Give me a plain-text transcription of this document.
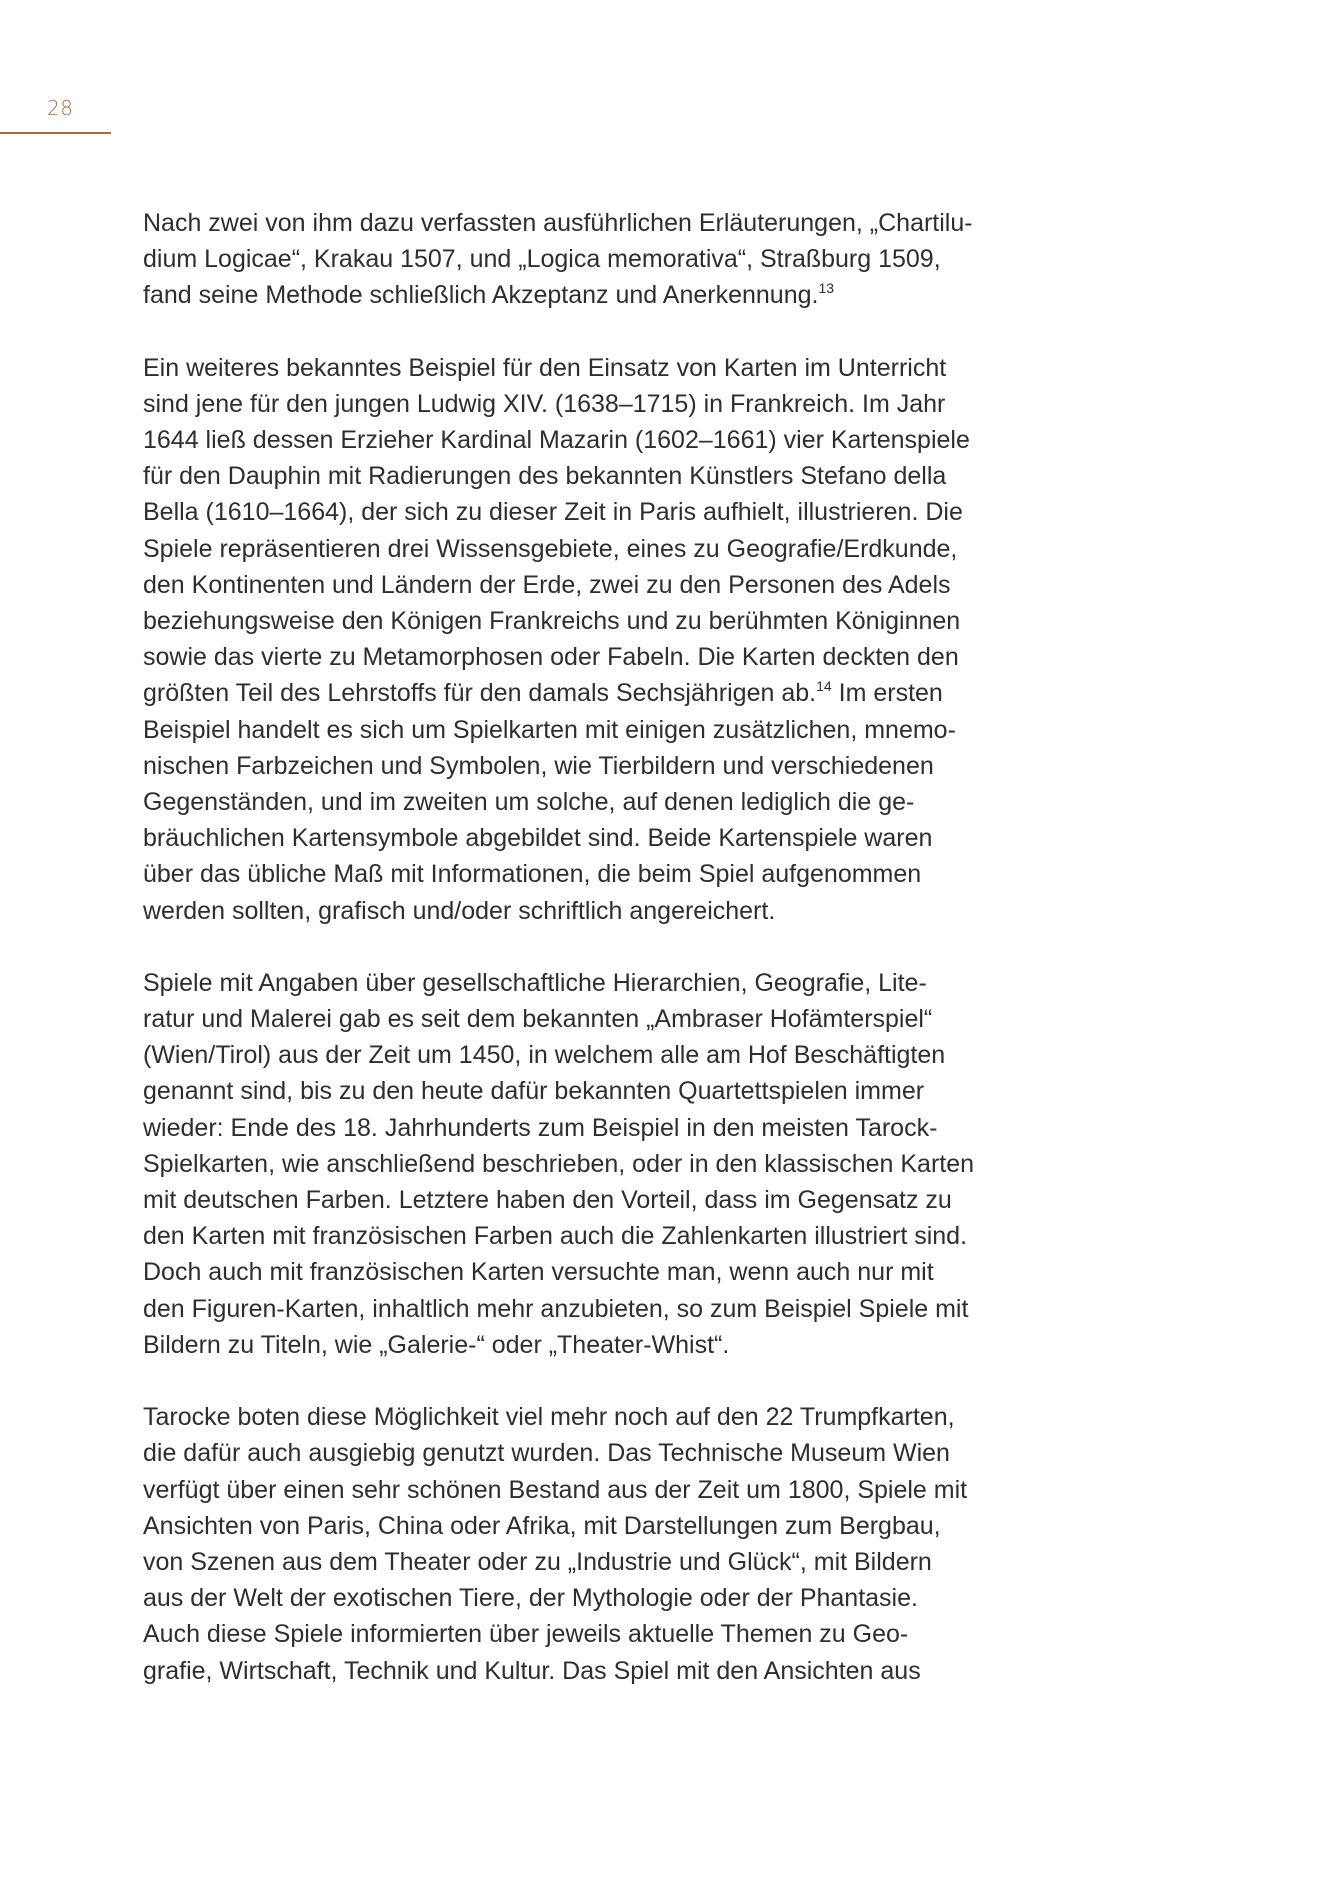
28

Nach zwei von ihm dazu verfassten ausführlichen Erläuterungen, „Chartilu-
dium Logicae“, Krakau 1507, und „Logica memorativa“, Straßburg 1509,
fand seine Methode schließlich Akzeptanz und Anerkennung.$^{13}$

Ein weiteres bekanntes Beispiel für den Einsatz von Karten im Unterricht
sind jene für den jungen Ludwig XIV. (1638–1715) in Frankreich. Im Jahr
1644 ließ dessen Erzieher Kardinal Mazarin (1602–1661) vier Kartenspiele
für den Dauphin mit Radierungen des bekannten Künstlers Stefano della
Bella (1610–1664), der sich zu dieser Zeit in Paris aufhielt, illustrieren. Die
Spiele repräsentieren drei Wissensgebiete, eines zu Geografie/Erdkunde,
den Kontinenten und Ländern der Erde, zwei zu den Personen des Adels
beziehungsweise den Königen Frankreichs und zu berühmten Königinnen
sowie das vierte zu Metamorphosen oder Fabeln. Die Karten deckten den
größten Teil des Lehrstoffs für den damals Sechsjährigen ab.$^{14}$ Im ersten
Beispiel handelt es sich um Spielkarten mit einigen zusätzlichen, mnemo-
nischen Farbzeichen und Symbolen, wie Tierbildern und verschiedenen
Gegenständen, und im zweiten um solche, auf denen lediglich die ge-
bräuchlichen Kartensymbole abgebildet sind. Beide Kartenspiele waren
über das übliche Maß mit Informationen, die beim Spiel aufgenommen
werden sollten, grafisch und/oder schriftlich angereichert.

Spiele mit Angaben über gesellschaftliche Hierarchien, Geografie, Lite-
ratur und Malerei gab es seit dem bekannten „Ambraser Hofämterspiel“
(Wien/Tirol) aus der Zeit um 1450, in welchem alle am Hof Beschäftigten
genannt sind, bis zu den heute dafür bekannten Quartettspielen immer
wieder: Ende des 18. Jahrhunderts zum Beispiel in den meisten Tarock-
Spielkarten, wie anschließend beschrieben, oder in den klassischen Karten
mit deutschen Farben. Letztere haben den Vorteil, dass im Gegensatz zu
den Karten mit französischen Farben auch die Zahlenkarten illustriert sind.
Doch auch mit französischen Karten versuchte man, wenn auch nur mit
den Figuren-Karten, inhaltlich mehr anzubieten, so zum Beispiel Spiele mit
Bildern zu Titeln, wie „Galerie-“ oder „Theater-Whist“.

Tarocke boten diese Möglichkeit viel mehr noch auf den 22 Trumpfkarten,
die dafür auch ausgiebig genutzt wurden. Das Technische Museum Wien
verfügt über einen sehr schönen Bestand aus der Zeit um 1800, Spiele mit
Ansichten von Paris, China oder Afrika, mit Darstellungen zum Bergbau,
von Szenen aus dem Theater oder zu „Industrie und Glück“, mit Bildern
aus der Welt der exotischen Tiere, der Mythologie oder der Phantasie.
Auch diese Spiele informierten über jeweils aktuelle Themen zu Geo-
grafie, Wirtschaft, Technik und Kultur. Das Spiel mit den Ansichten aus
